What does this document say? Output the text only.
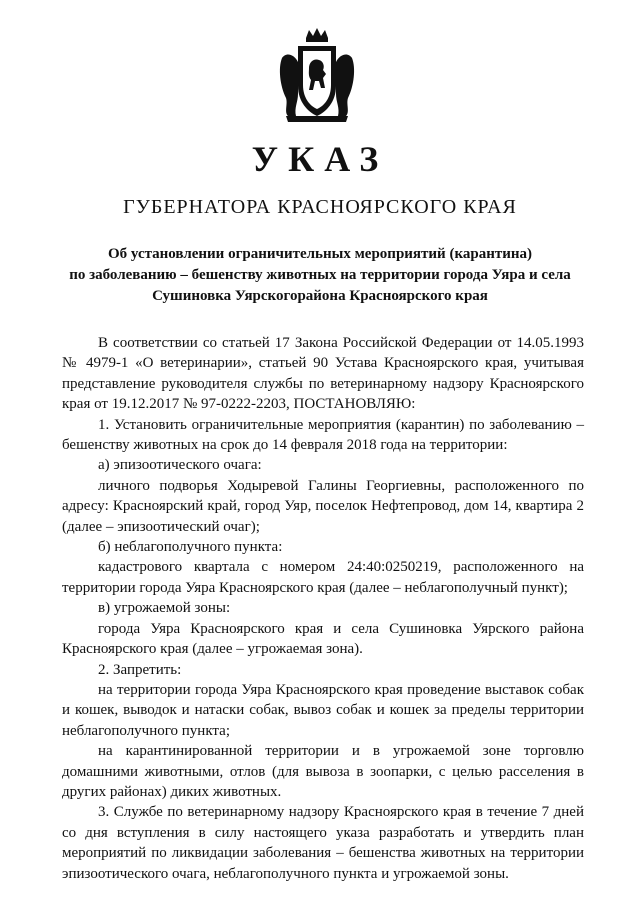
УКАЗ
ГУБЕРНАТОРА КРАСНОЯРСКОГО КРАЯ
Об установлении ограничительных мероприятий (карантина)
по заболеванию – бешенству животных на территории города Уяра и села
Сушиновка Уярскогорайона Красноярского края

В соответствии со статьей 17 Закона Российской Федерации от 14.05.1993 № 4979-1 «О ветеринарии», статьей 90 Устава Красноярского края, учитывая представление руководителя службы по ветеринарному надзору Красноярского края от 19.12.2017 № 97-0222-2203, ПОСТАНОВЛЯЮ:

1. Установить ограничительные мероприятия (карантин) по заболеванию – бешенству животных на срок до 14 февраля 2018 года на территории:

а) эпизоотического очага:

личного подворья Ходыревой Галины Георгиевны, расположенного по адресу: Красноярский край, город Уяр, поселок Нефтепровод, дом 14, квартира 2 (далее – эпизоотический очаг);

б) неблагополучного пункта:

кадастрового квартала с номером 24:40:0250219, расположенного на территории города Уяра Красноярского края (далее – неблагополучный пункт);

в) угрожаемой зоны:

города Уяра Красноярского края и села Сушиновка Уярского района Красноярского края (далее – угрожаемая зона).

2. Запретить:

на территории города Уяра Красноярского края проведение выставок собак и кошек, выводок и натаски собак, вывоз собак и кошек за пределы территории неблагополучного пункта;

на карантинированной территории и в угрожаемой зоне торговлю домашними животными, отлов (для вывоза в зоопарки, с целью расселения в других районах) диких животных.

3. Службе по ветеринарному надзору Красноярского края в течение 7 дней со дня вступления в силу настоящего указа разработать и утвердить план мероприятий по ликвидации заболевания – бешенства животных на территории эпизоотического очага, неблагополучного пункта и угрожаемой зоны.
